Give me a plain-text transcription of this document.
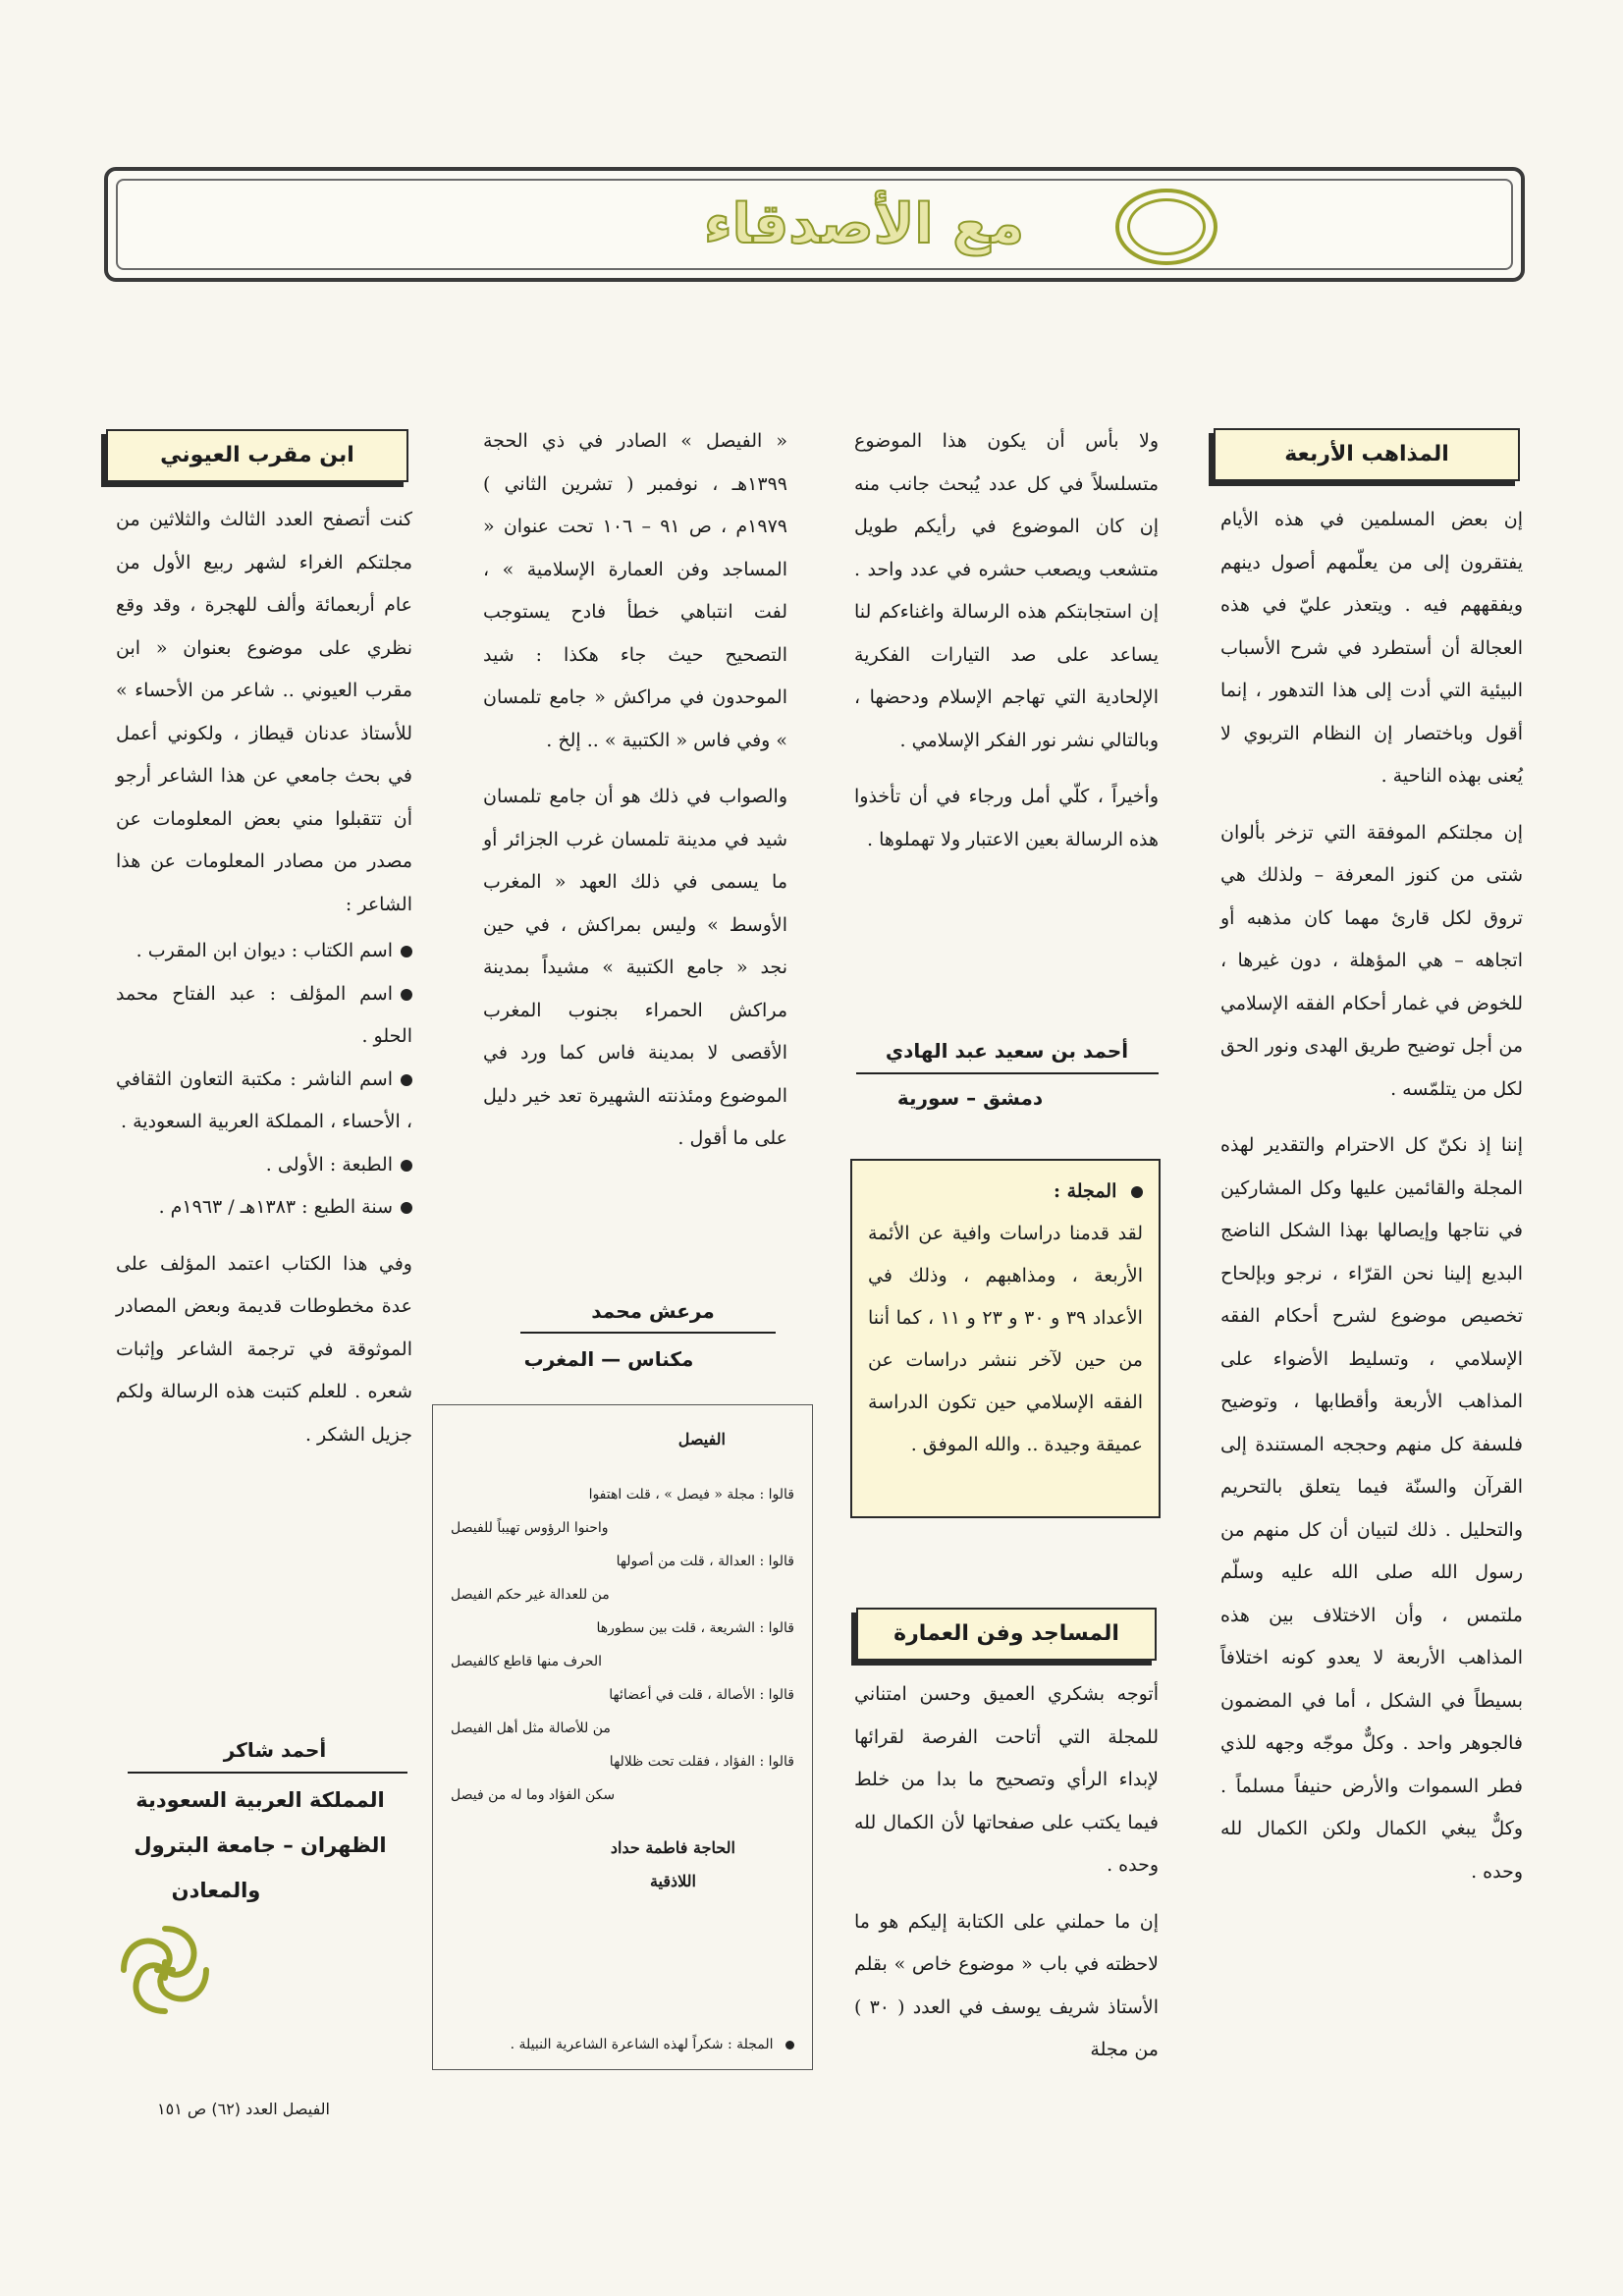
مع الأصدقاء
المذاهب الأربعة

إن بعض المسلمين في هذه الأيام يفتقرون إلى من يعلّمهم أصول دينهم ويفقههم فيه . ويتعذر عليّ في هذه العجالة أن أستطرد في شرح الأسباب البيئية التي أدت إلى هذا التدهور ، إنما أقول وباختصار إن النظام التربوي لا يُعنى بهذه الناحية .

إن مجلتكم الموفقة التي تزخر بألوان شتى من كنوز المعرفة – ولذلك هي تروق لكل قارئ مهما كان مذهبه أو اتجاهه – هي المؤهلة ، دون غيرها ، للخوض في غمار أحكام الفقه الإسلامي من أجل توضيح طريق الهدى ونور الحق لكل من يتلمّسه .

إننا إذ نكنّ كل الاحترام والتقدير لهذه المجلة والقائمين عليها وكل المشاركين في نتاجها وإيصالها بهذا الشكل الناضج البديع إلينا نحن القرّاء ، نرجو وبإلحاح تخصيص موضوع لشرح أحكام الفقه الإسلامي ، وتسليط الأضواء على المذاهب الأربعة وأقطابها ، وتوضيح فلسفة كل منهم وحججه المستندة إلى القرآن والسنّة فيما يتعلق بالتحريم والتحليل . ذلك لتبيان أن كل منهم من رسول الله صلى الله عليه وسلّم ملتمس ، وأن الاختلاف بين هذه المذاهب الأربعة لا يعدو كونه اختلافاً بسيطاً في الشكل ، أما في المضمون فالجوهر واحد . وكلٌّ موجّه وجهه للذي فطر السموات والأرض حنيفاً مسلماً . وكلٌّ يبغي الكمال ولكن الكمال لله وحده .

ولا بأس أن يكون هذا الموضوع متسلسلاً في كل عدد يُبحث جانب منه إن كان الموضوع في رأيكم طويل متشعب ويصعب حشره في عدد واحد . إن استجابتكم هذه الرسالة واغناءكم لنا يساعد على صد التيارات الفكرية الإلحادية التي تهاجم الإسلام ودحضها ، وبالتالي نشر نور الفكر الإسلامي .

وأخيراً ، كلّي أمل ورجاء في أن تأخذوا هذه الرسالة بعين الاعتبار ولا تهملوها .

أحمد بن سعيد عبد الهادي
دمشق – سورية
المجلة :
لقد قدمنا دراسات وافية عن الأئمة الأربعة ، ومذاهبهم ، وذلك في الأعداد ٣٩ و ٣٠ و ٢٣ و ١١ ، كما أننا من حين لآخر ننشر دراسات عن الفقه الإسلامي حين تكون الدراسة عميقة وجيدة .. والله الموفق .
المساجد وفن العمارة

أتوجه بشكري العميق وحسن امتناني للمجلة التي أتاحت الفرصة لقرائها لإبداء الرأي وتصحيح ما بدا من خلط فيما يكتب على صفحاتها لأن الكمال لله وحده .

إن ما حملني على الكتابة إليكم هو ما لاحظته في باب « موضوع خاص » بقلم الأستاذ شريف يوسف في العدد ( ٣٠ ) من مجلة

« الفيصل » الصادر في ذي الحجة ١٣٩٩هـ ، نوفمبر ( تشرين الثاني ) ١٩٧٩م ، ص ٩١ – ١٠٦ تحت عنوان « المساجد وفن العمارة الإسلامية » ، لفت انتباهي خطأ فادح يستوجب التصحيح حيث جاء هكذا : شيد الموحدون في مراكش « جامع تلمسان » وفي فاس « الكتبية » .. إلخ .

والصواب في ذلك هو أن جامع تلمسان شيد في مدينة تلمسان غرب الجزائر أو ما يسمى في ذلك العهد « المغرب الأوسط » وليس بمراكش ، في حين نجد « جامع الكتبية » مشيداً بمدينة مراكش الحمراء بجنوب المغرب الأقصى لا بمدينة فاس كما ورد في الموضوع ومئذنته الشهيرة تعد خير دليل على ما أقول .

مرعش محمد
مكناس — المغرب
الفيصل
قالوا : مجلة « فيصل » ، قلت اهتفوا
واحنوا الرؤوس تهيباً للفيصل
قالوا : العدالة ، قلت من أصولها
من للعدالة غير حكم الفيصل
قالوا : الشريعة ، قلت بين سطورها
الحرف منها قاطع كالفيصل
قالوا : الأصالة ، قلت في أعضائها
من للأصالة مثل أهل الفيصل
قالوا : الفؤاد ، فقلت تحت ظلالها
سكن الفؤاد وما له من فيصل
الحاجة فاطمة حداد
اللاذقية
المجلة : شكراً لهذه الشاعرة الشاعرية النبيلة .
ابن مقرب العيوني

كنت أتصفح العدد الثالث والثلاثين من مجلتكم الغراء لشهر ربيع الأول من عام أربعمائة وألف للهجرة ، وقد وقع نظري على موضوع بعنوان « ابن مقرب العيوني .. شاعر من الأحساء » للأستاذ عدنان قيطاز ، ولكوني أعمل في بحث جامعي عن هذا الشاعر أرجو أن تتقبلوا مني بعض المعلومات عن مصدر من مصادر المعلومات عن هذا الشاعر :

اسم الكتاب : ديوان ابن المقرب .
اسم المؤلف : عبد الفتاح محمد الحلو .
اسم الناشر : مكتبة التعاون الثقافي ، الأحساء ، المملكة العربية السعودية .
الطبعة : الأولى .
سنة الطبع : ١٣٨٣هـ / ١٩٦٣م .

وفي هذا الكتاب اعتمد المؤلف على عدة مخطوطات قديمة وبعض المصادر الموثوقة في ترجمة الشاعر وإثبات شعره . للعلم كتبت هذه الرسالة ولكم جزيل الشكر .

أحمد شاكر
المملكة العربية السعودية
الظهران – جامعة البترول
والمعادن
الفيصل العدد (٦٢) ص ١٥١
